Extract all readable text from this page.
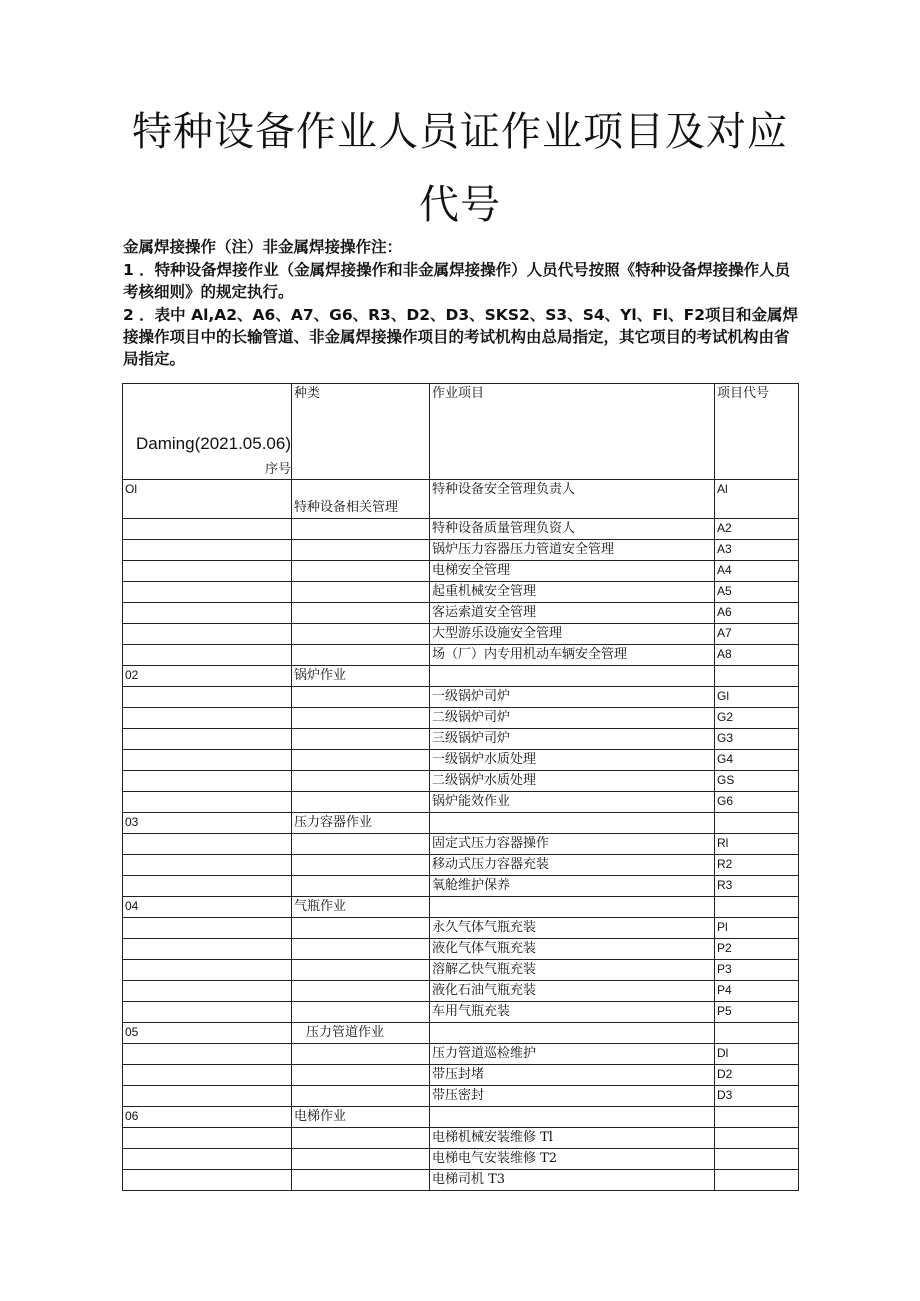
特种设备作业人员证作业项目及对应
代号

金属焊接操作（注）非金属焊接操作注：

1 ．特种设备焊接作业（金属焊接操作和非金属焊接操作）人员代号按照《特种设备焊接操作人员考核细则》的规定执行。

2 ．表中 Al,A2、A6、A7、G6、R3、D2、D3、SKS2、S3、S4、Yl、Fl、F2项目和金属焊接操作项目中的长输管道、非金属焊接操作项目的考试机构由总局指定，其它项目的考试机构由省局指定。

Daming(2021.05.06)序号	种类	作业项目	项目代号
Ol	特种设备相关管理	特种设备安全管理负责人	Al
		特种设备质量管理负资人	A2
		锅炉压力容器压力管道安全管理	A3
		电梯安全管理	A4
		起重机械安全管理	A5
		客运索道安全管理	A6
		大型游乐设施安全管理	A7
		场（厂）内专用机动车辆安全管理	A8
02	锅炉作业		
		一级锅炉司炉	Gl
		二级锅炉司炉	G2
		三级锅炉司炉	G3
		一级锅炉水质处理	G4
		二级锅炉水质处理	GS
		锅炉能效作业	G6
03	压力容器作业		
		固定式压力容器操作	Rl
		移动式压力容器充装	R2
		氧舱维护保养	R3
04	气瓶作业		
		永久气体气瓶充装	Pl
		液化气体气瓶充装	P2
		溶解乙快气瓶充装	P3
		液化石油气瓶充装	P4
		车用气瓶充装	P5
05	压力管道作业		
		压力管道巡检维护	Dl
		带压封堵	D2
		带压密封	D3
06	电梯作业		
		电梯机械安装维修 Tl	
		电梯电气安装维修 T2	
		电梯司机 T3	
